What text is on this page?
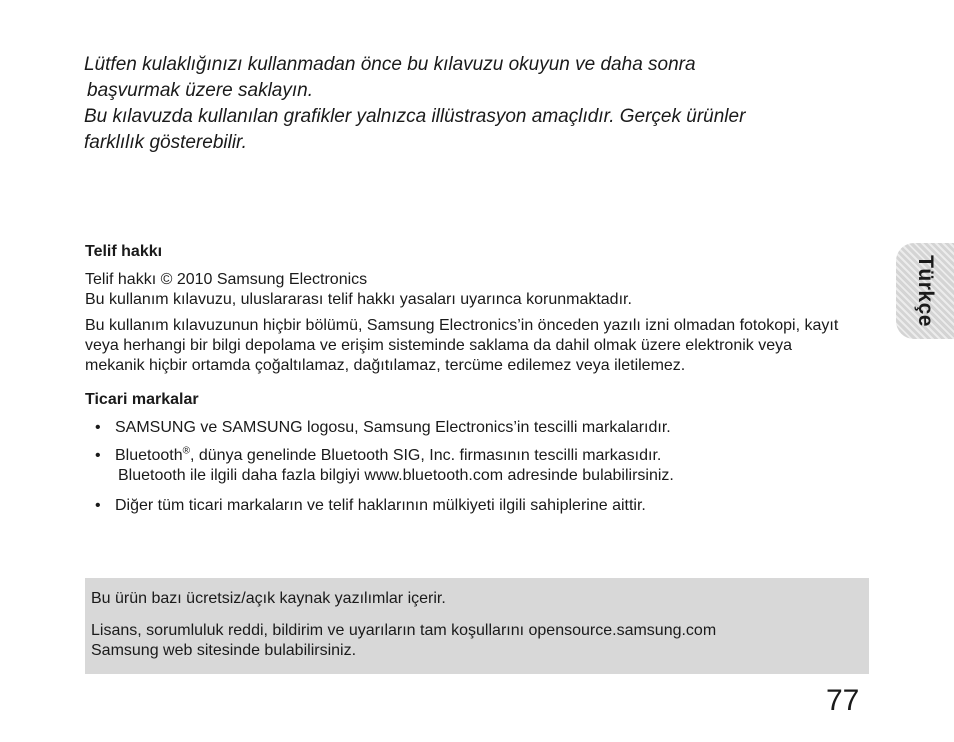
Lütfen kulaklığınızı kullanmadan önce bu kılavuzu okuyun ve daha sonra

başvurmak üzere saklayın.

Bu kılavuzda kullanılan grafikler yalnızca illüstrasyon amaçlıdır. Gerçek ürünler

farklılık gösterebilir.

Türkçe
Telif hakkı

Telif hakkı © 2010 Samsung Electronics

Bu kullanım kılavuzu, uluslararası telif hakkı yasaları uyarınca korunmaktadır.

Bu kullanım kılavuzunun hiçbir bölümü, Samsung Electronics’in önceden yazılı izni olmadan fotokopi, kayıt veya herhangi bir bilgi depolama ve erişim sisteminde saklama da dahil olmak üzere elektronik veya mekanik hiçbir ortamda çoğaltılamaz, dağıtılamaz, tercüme edilemez veya iletilemez.

Ticari markalar
• SAMSUNG ve SAMSUNG logosu, Samsung Electronics’in tescilli markalarıdır.
• Bluetooth®, dünya genelinde Bluetooth SIG, Inc. firmasının tescilli markasıdır.

Bluetooth ile ilgili daha fazla bilgiyi www.bluetooth.com adresinde bulabilirsiniz.

• Diğer tüm ticari markaların ve telif haklarının mülkiyeti ilgili sahiplerine aittir.

Bu ürün bazı ücretsiz/açık kaynak yazılımlar içerir.

Lisans, sorumluluk reddi, bildirim ve uyarıların tam koşullarını opensource.samsung.com
Samsung web sitesinde bulabilirsiniz.

77
